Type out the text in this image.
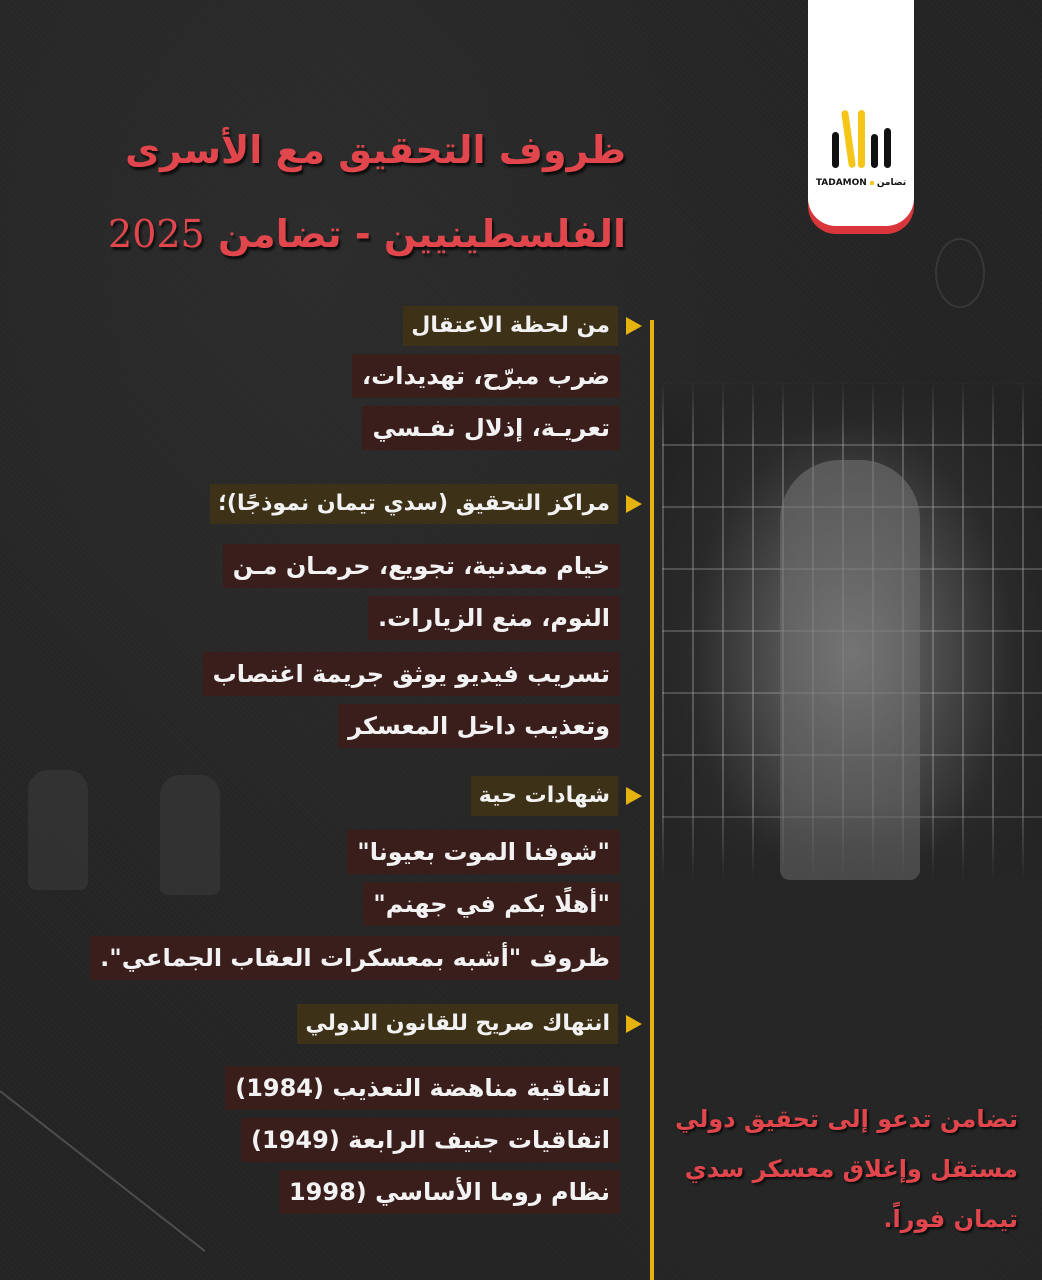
TADAMON تضامن
ظروف التحقيق مع الأسرى
الفلسطينيين - تضامن 2025
من لحظة الاعتقال
ضرب مبرّح، تهديدات،
تعريـة، إذلال نفـسي
مراكز التحقيق (سدي تيمان نموذجًا)؛
خيام معدنية، تجويع، حرمـان مـن
النوم، منع الزيارات.
تسريب فيديو يوثق جريمة اغتصاب
وتعذيب داخل المعسكر
شهادات حية
"شوفنا الموت بعيونا"
"أهلًا بكم في جهنم"
ظروف "أشبه بمعسكرات العقاب الجماعي".
انتهاك صريح للقانون الدولي
اتفاقية مناهضة التعذيب (1984)
اتفاقيات جنيف الرابعة (1949)
نظام روما الأساسي (1998
تضامن تدعو إلى تحقيق دولي
مستقل وإغلاق معسكر سدي
تيمان فوراً.
